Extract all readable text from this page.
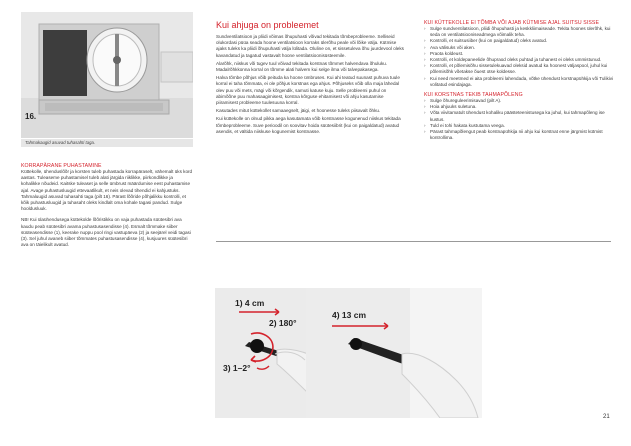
16.
Tahmakaugid asuvad tuhasahti taga.
KORRAPÄRANE PUHASTAMINE

Küttekolle, ühenduslõõr ja korsten tuleb puhastada korrapäraselt, vähemalt üks kord aastas. Tuleaseme puhastamisel tuleb alati järgida riiklikke, piirkondlikke ja kohalikke nõudeid. Kaitske tuleaset ja selle ümbrust määrdumise eest puhastamise ajal. Avage puhastusluugid ettevaatlikult, et neis olevad tihendid ei kahjustuks. Tahmaluugid asuvad tuhasahti taga (pilt 16). Pärast lõõride põhjalikku kontrolli, et kõik puhastusluugid ja tuhasaht oleks kindlalt oma kohale tagasi pandud. Sulge hooldusluuk.

NB! Kui ülaühendusega küttekolde lõõristikku on vaja puhastada süütesibri ava kaudu peab süütesibri avama puhastusasendisse (4). Esmalt tõmmake siiber süüteasendisse (1), keerake nuppu pool ringi vastupäeva (2) ja seejärel veidi tagasi (3). Sel juhul avaneb siiber tõmmates puhastusasendisse (4), kusjuures süütesibri ava on täielikult avatud.

Kui ahjuga on probleemet

Sundventilatsioon ja pliidi võimas õhupuhasti võivad tekitada tõmbeprobleeme. Selliseid olukordasi püüa seada hoone ventilatsioon korraks ülerõhu peale või lõike välja. Kütmise ajaks tuleks ka pliidi õhupuhasti välja lülitada. Oluline on, et sissetuleva õhu juurdevool oleks kavandatud ja tagatud vastavalt hoone ventilatsioonisüsteemile.

Alarõhk, niiskus või tugev tuul võivad tekitada korstnas tõmmet halvendava õhuluku. Madalrõhkkonna korral on tõmme alati halvem kui selge ilma või talvepakasega.

Halva tõmbe põhjus võib peituda ka hoone ümbruses. Kui ahi teatud suunast puhuva tuule korral ei taha tõmmata, ei ole põhjus korstnas ega ahjus. Põhjuseks võib olla maja lähedal olev puu või mets, mägi või kõrgendik, samuti katuse kuju. Selle probleemi puhul on abimõõne puu mahasaagimisest, korstna kõrguse ehitamisest või ahju kasutamise piiramisest probleeme tuulesuuna korral.

Kasutades mitut küttekollet samaaegselt, jäigi, et hoonesse tuleks piisavalt õhku.

Kui küttekolle on olnud pikka aega kasutamata võib korstnasse kogunenud niiskus tekitada tõmbeprobleeme. Suve perioodil on soovitav hoida süütesiibrit (kui on paigaldatud) avatud asendis, et vältida niiskuse kogunemist korstnasse.

KUI KÜTTEKOLLE EI TÕMBA VÕI AJAB KÜTMISE AJAL SUITSU SISSE
› Sulge sundventilatsioon, pliidi õhupuhasti ja keskkliimaiseade. Tekita hoones ülerõhk, kui seda on ventilatsiooniseadmega võimalik teha.
› Kontrolli, et suitsusiiber (kui on paigaldatud) oleks avatud.
› Ava välisuks või aken.
› Praota koldeust.
› Kontrolli, et koldepaneelide õhupraod oleks puhtad ja tuhanest ei oleks ummistunud.
› Kontrolli, et põlemisõhu sissetulekuavad oleksid avatud ka hoonest väljaspool, juhul kui põlemisõhk võetakse õuest otse koldesse.
› Kui need meetmed ei aita probleemi lahendada, võtke ühendust korstnapühkija või Tulikivi volitatud esindajaga.
KUI KORSTNAS TEKIB TAHMAPÕLENG
› Sulge õhureguleerimisavad (pilt A).
› Hoia ahjuuks suletuna.
› Võta viivitamatult ühendust kohaliku päästeteenistusega ka juhul, kui tahmapõleng ise kustus.
› Tuld ei tohi hakata kustutama veega.
› Pärast tahmapõlengut peab korstnapühkija nii ahju kui korstnat enne järgmist kütmist kontrollima.
1) 4 cm
2) 180°
3) 1–2°
4) 13 cm
21
